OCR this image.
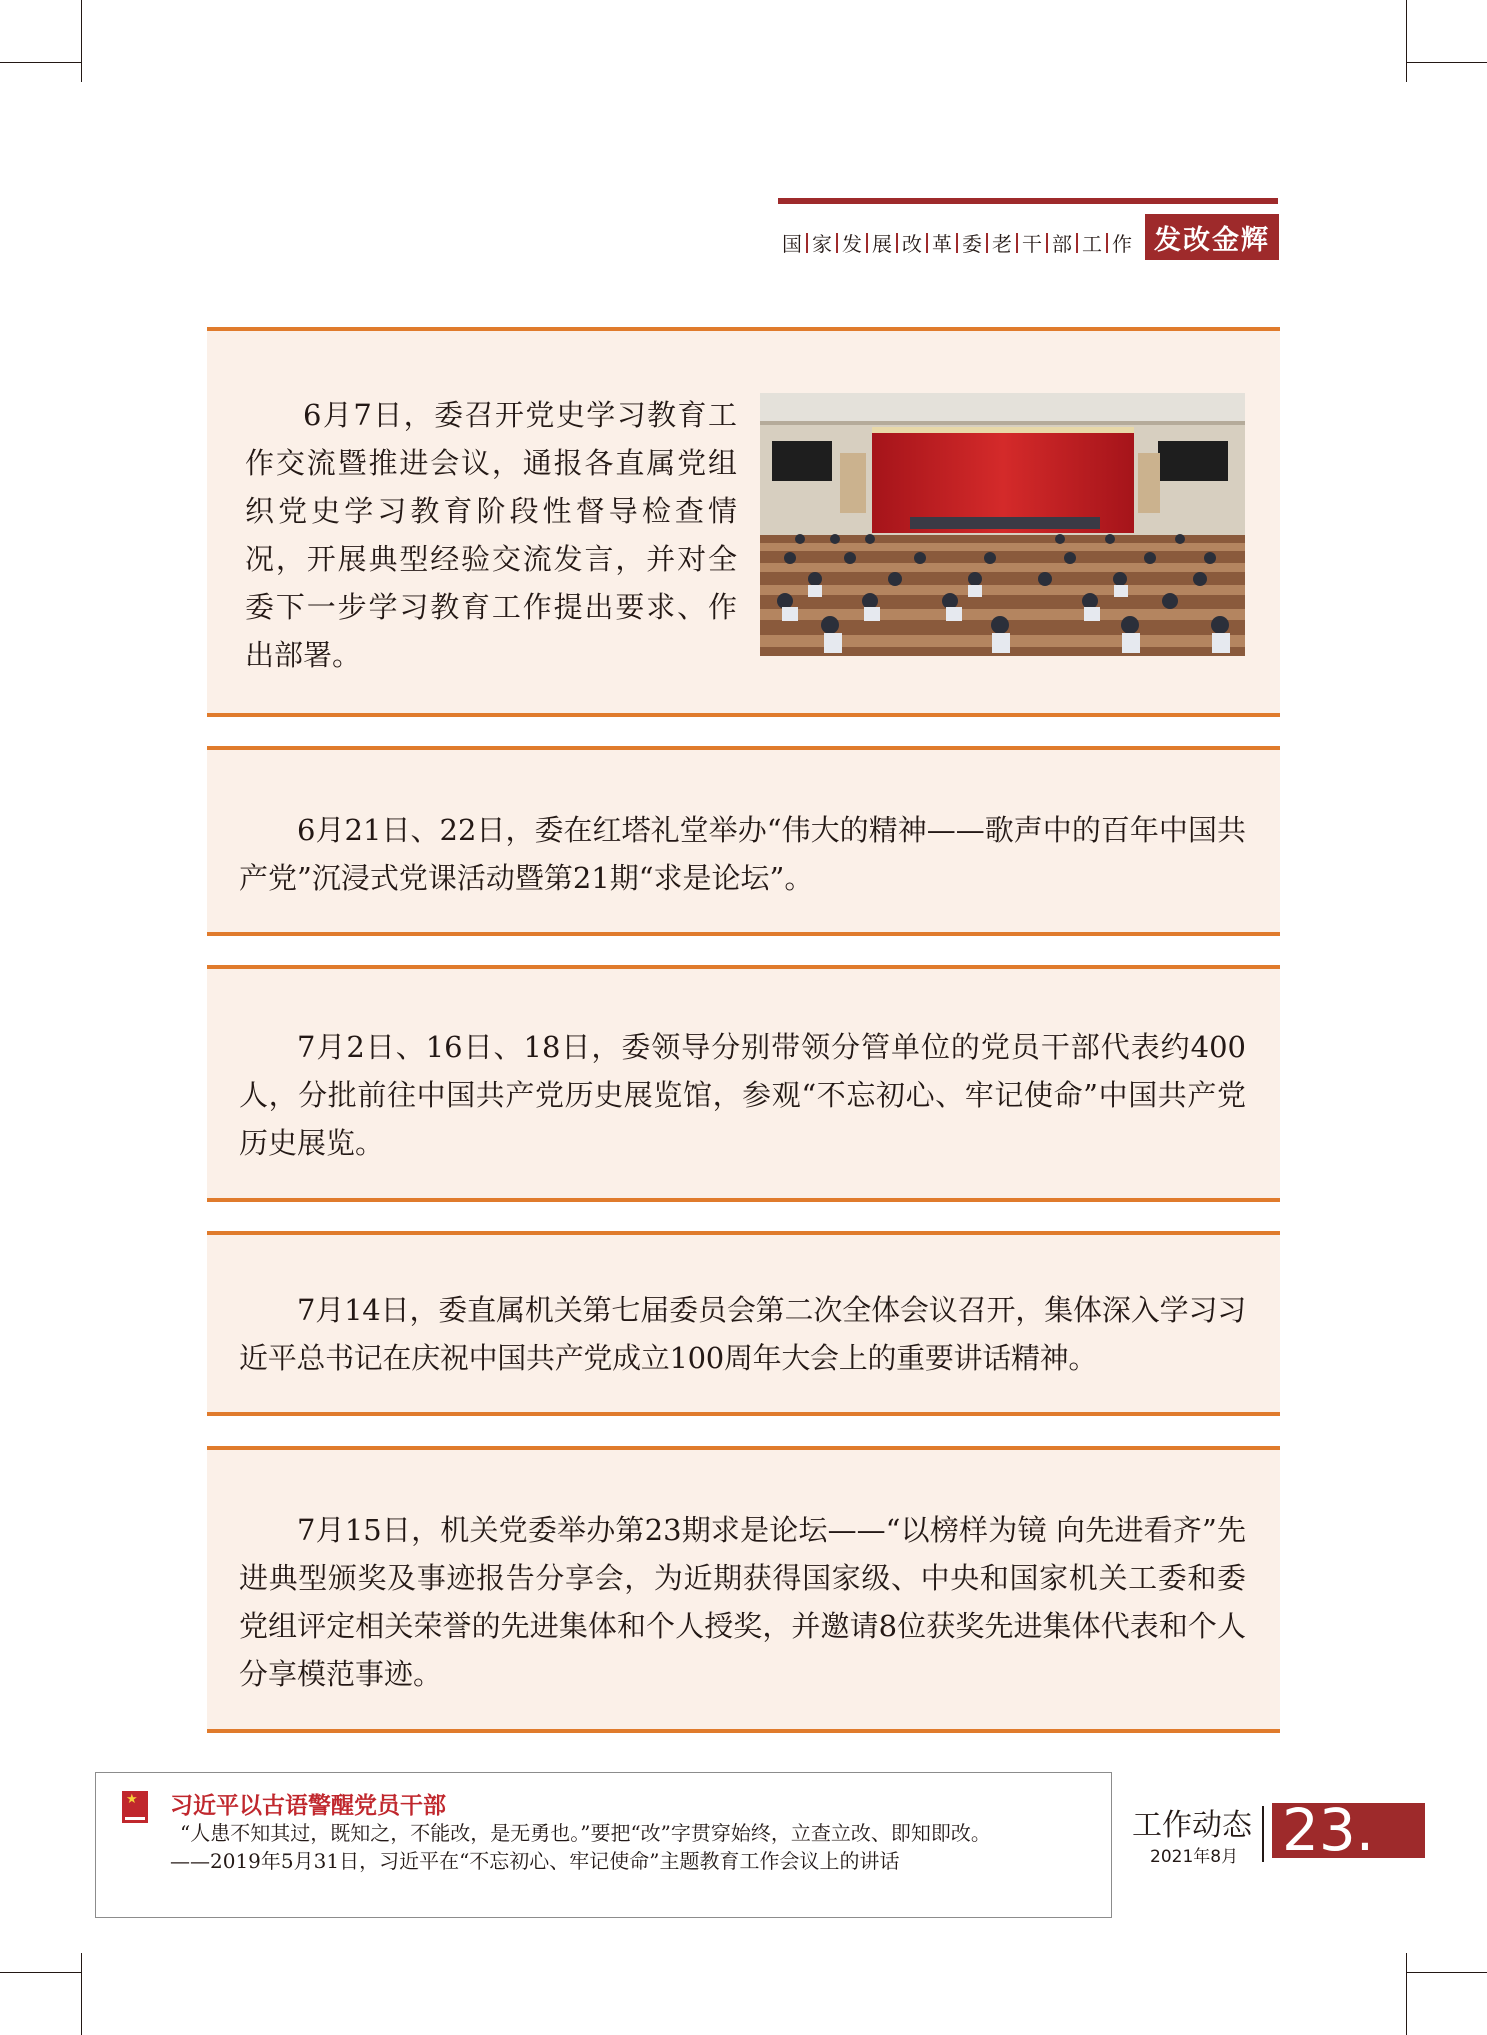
国 家 发 展 改 革 委 老 干 部 工 作 发改金辉
6月7日，委召开党史学习教育工作交流暨推进会议，通报各直属党组织党史学习教育阶段性督导检查情况，开展典型经验交流发言，并对全委下一步学习教育工作提出要求、作出部署。
6月21日、22日，委在红塔礼堂举办“伟大的精神——歌声中的百年中国共产党”沉浸式党课活动暨第21期“求是论坛”。
7月2日、16日、18日，委领导分别带领分管单位的党员干部代表约400人，分批前往中国共产党历史展览馆，参观“不忘初心、牢记使命”中国共产党历史展览。
7月14日，委直属机关第七届委员会第二次全体会议召开，集体深入学习习近平总书记在庆祝中国共产党成立100周年大会上的重要讲话精神。
7月15日，机关党委举办第23期求是论坛——“以榜样为镜 向先进看齐”先进典型颁奖及事迹报告分享会，为近期获得国家级、中央和国家机关工委和委党组评定相关荣誉的先进集体和个人授奖，并邀请8位获奖先进集体代表和个人分享模范事迹。
★ 习近平以古语警醒党员干部
“人患不知其过，既知之，不能改，是无勇也。”要把“改”字贯穿始终，立查立改、即知即改。
——2019年5月31日，习近平在“不忘初心、牢记使命”主题教育工作会议上的讲话
工作动态
2021年8月 23.
